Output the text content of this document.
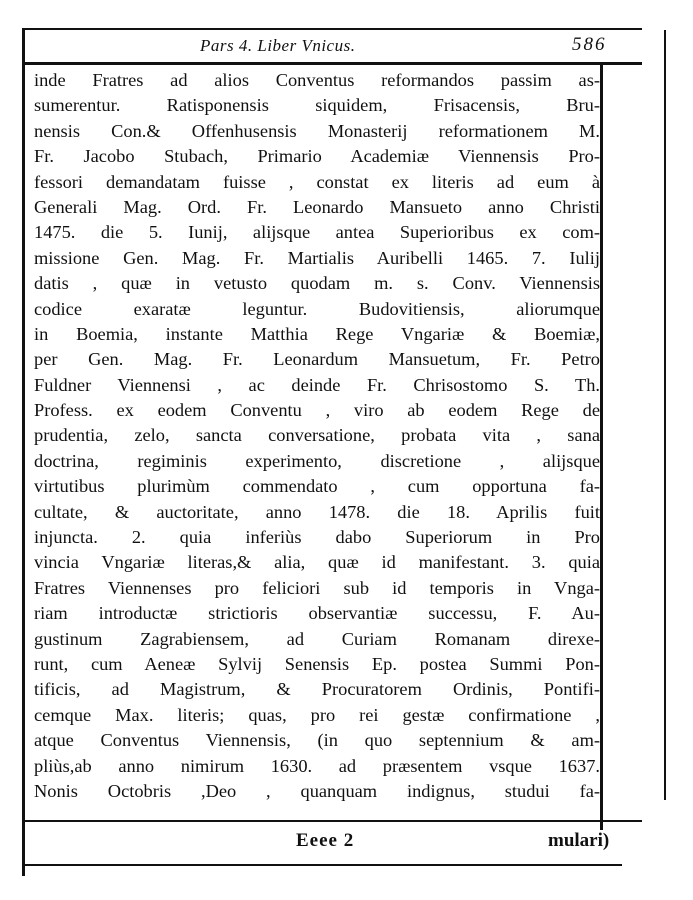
Pars 4. Liber Vnicus.	586
inde Fratres ad alios Conventus reformandos passim as-
sumerentur. Ratisponensis siquidem, Frisacensis, Bru-
nensis Con.& Offenhusensis Monasterij reformationem M.
Fr. Jacobo Stubach, Primario Academiæ Viennensis Pro-
fessori demandatam fuisse , constat ex literis ad eum à
Generali Mag. Ord. Fr. Leonardo Mansueto anno Christi
1475. die 5. Iunij, alijsque antea Superioribus ex com-
missione Gen. Mag. Fr. Martialis Auribelli 1465. 7. Iulij
datis , quæ in vetusto quodam m. s. Conv. Viennensis
codice exaratæ leguntur. Budovitiensis, aliorumque
in Boemia, instante Matthia Rege Vngariæ & Boemiæ,
per Gen. Mag. Fr. Leonardum Mansuetum, Fr. Petro
Fuldner Viennensi , ac deinde Fr. Chrisostomo S. Th.
Profess. ex eodem Conventu , viro ab eodem Rege de
prudentia, zelo, sancta conversatione, probata vita , sana
doctrina, regiminis experimento, discretione , alijsque
virtutibus plurimùm commendato , cum opportuna fa-
cultate, & auctoritate, anno 1478. die 18. Aprilis fuit
injuncta. 2. quia inferiùs dabo Superiorum in Pro
vincia Vngariæ literas,& alia, quæ id manifestant. 3. quia
Fratres Viennenses pro feliciori sub id temporis in Vnga-
riam introductæ strictioris observantiæ successu, F. Au-
gustinum Zagrabiensem, ad Curiam Romanam direxe-
runt, cum Aeneæ Sylvij Senensis Ep. postea Summi Pon-
tificis, ad Magistrum, & Procuratorem Ordinis, Pontifi-
cemque Max. literis; quas, pro rei gestæ confirmatione ,
atque Conventus Viennensis, (in quo septennium & am-
pliùs,ab anno nimirum 1630. ad præsentem vsque 1637.
Nonis Octobris ,Deo , quanquam indignus, studui fa-
Eeee 2	mulari)
